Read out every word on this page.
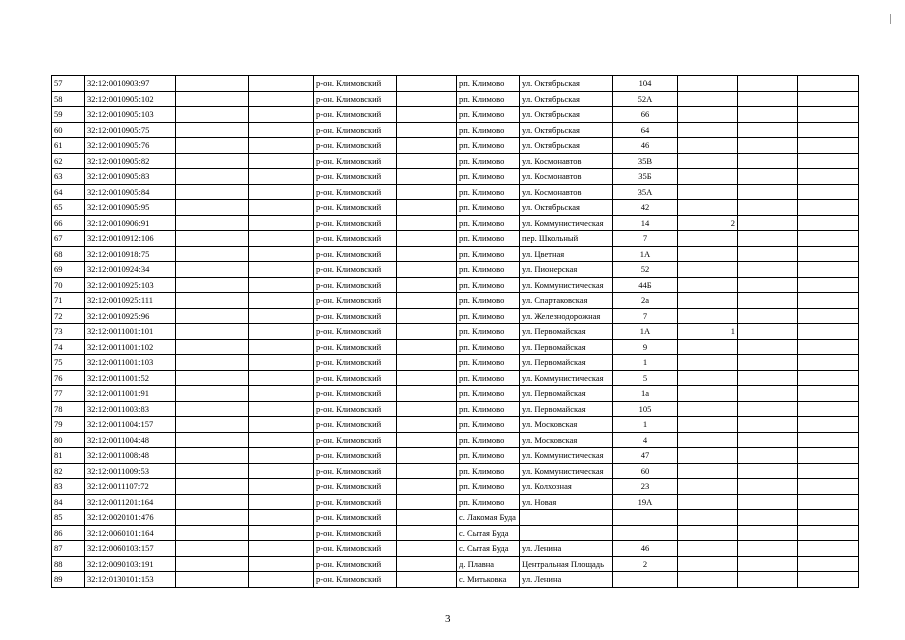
57	32:12:0010903:97			р-он. Климовский		рп. Климово	ул. Октябрьская	104			
58	32:12:0010905:102			р-он. Климовский		рп. Климово	ул. Октябрьская	52А			
59	32:12:0010905:103			р-он. Климовский		рп. Климово	ул. Октябрьская	66			
60	32:12:0010905:75			р-он. Климовский		рп. Климово	ул. Октябрьская	64			
61	32:12:0010905:76			р-он. Климовский		рп. Климово	ул. Октябрьская	46			
62	32:12:0010905:82			р-он. Климовский		рп. Климово	ул. Космонавтов	35В			
63	32:12:0010905:83			р-он. Климовский		рп. Климово	ул. Космонавтов	35Б			
64	32:12:0010905:84			р-он. Климовский		рп. Климово	ул. Космонавтов	35А			
65	32:12:0010905:95			р-он. Климовский		рп. Климово	ул. Октябрьская	42			
66	32:12:0010906:91			р-он. Климовский		рп. Климово	ул. Коммунистическая	14	2		
67	32:12:0010912:106			р-он. Климовский		рп. Климово	пер. Школьный	7			
68	32:12:0010918:75			р-он. Климовский		рп. Климово	ул. Цветная	1А			
69	32:12:0010924:34			р-он. Климовский		рп. Климово	ул. Пионерская	52			
70	32:12:0010925:103			р-он. Климовский		рп. Климово	ул. Коммунистическая	44Б			
71	32:12:0010925:111			р-он. Климовский		рп. Климово	ул. Спартаковская	2а			
72	32:12:0010925:96			р-он. Климовский		рп. Климово	ул. Железнодорожная	7			
73	32:12:0011001:101			р-он. Климовский		рп. Климово	ул. Первомайская	1А	1		
74	32:12:0011001:102			р-он. Климовский		рп. Климово	ул. Первомайская	9			
75	32:12:0011001:103			р-он. Климовский		рп. Климово	ул. Первомайская	1			
76	32:12:0011001:52			р-он. Климовский		рп. Климово	ул. Коммунистическая	5			
77	32:12:0011001:91			р-он. Климовский		рп. Климово	ул. Первомайская	1а			
78	32:12:0011003:83			р-он. Климовский		рп. Климово	ул. Первомайская	105			
79	32:12:0011004:157			р-он. Климовский		рп. Климово	ул. Московская	1			
80	32:12:0011004:48			р-он. Климовский		рп. Климово	ул. Московская	4			
81	32:12:0011008:48			р-он. Климовский		рп. Климово	ул. Коммунистическая	47			
82	32:12:0011009:53			р-он. Климовский		рп. Климово	ул. Коммунистическая	60			
83	32:12:0011107:72			р-он. Климовский		рп. Климово	ул. Колхозная	23			
84	32:12:0011201:164			р-он. Климовский		рп. Климово	ул. Новая	19А			
85	32:12:0020101:476			р-он. Климовский		с. Лакомая Буда					
86	32:12:0060101:164			р-он. Климовский		с. Сытая Буда					
87	32:12:0060103:157			р-он. Климовский		с. Сытая Буда	ул. Ленина	46			
88	32:12:0090103:191			р-он. Климовский		д. Плавна	Центральная Площадь	2			
89	32:12:0130101:153			р-он. Климовский		с. Митьковка	ул. Ленина				
3
